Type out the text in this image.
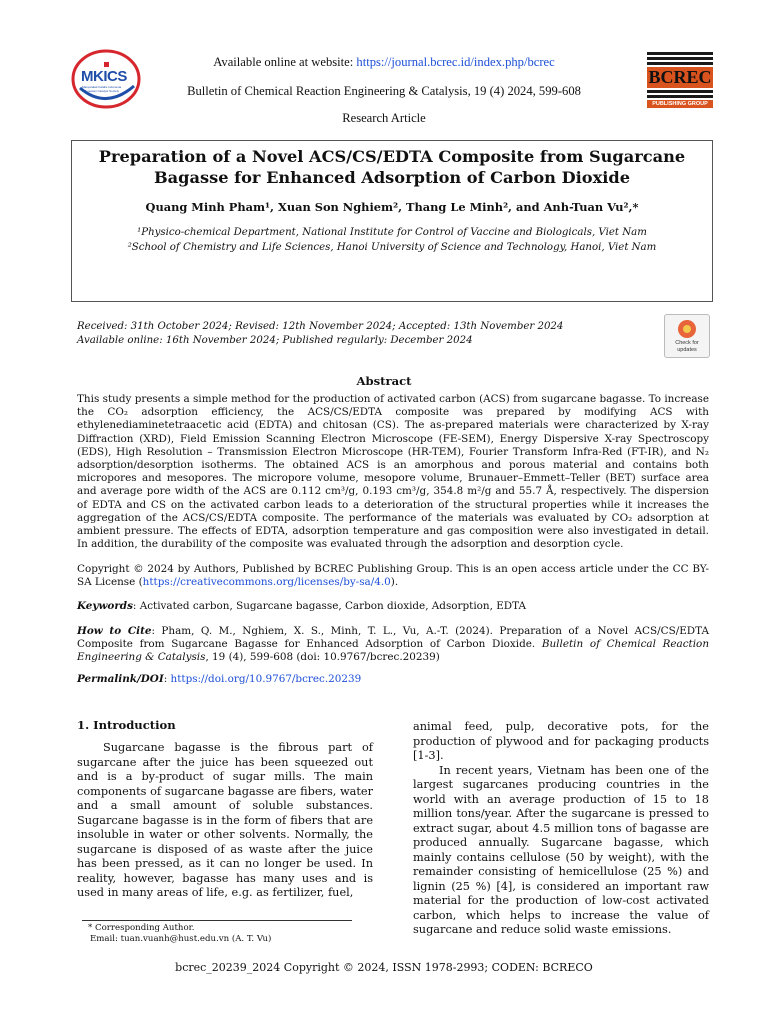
MKICS
Masyarakat Katalis Indonesia Indonesian Catalyst Society
BCREC
PUBLISHING GROUP
Available online at website: https://journal.bcrec.id/index.php/bcrec
Bulletin of Chemical Reaction Engineering & Catalysis, 19 (4) 2024, 599-608
Research Article
Preparation of a Novel ACS/CS/EDTA Composite from Sugarcane
Bagasse for Enhanced Adsorption of Carbon Dioxide
Quang Minh Pham¹, Xuan Son Nghiem², Thang Le Minh², and Anh-Tuan Vu²,*
¹Physico-chemical Department, National Institute for Control of Vaccine and Biologicals, Viet Nam
²School of Chemistry and Life Sciences, Hanoi University of Science and Technology, Hanoi, Viet Nam
Received: 31th October 2024; Revised: 12th November 2024; Accepted: 13th November 2024
Available online: 16th November 2024; Published regularly: December 2024	Check for updates
Abstract
This study presents a simple method for the production of activated carbon (ACS) from sugarcane bagasse. To increase the CO₂ adsorption efficiency, the ACS/CS/EDTA composite was prepared by modifying ACS with ethylenediaminetetraacetic acid (EDTA) and chitosan (CS). The as-prepared materials were characterized by X-ray Diffraction (XRD), Field Emission Scanning Electron Microscope (FE-SEM), Energy Dispersive X-ray Spectroscopy (EDS), High Resolution – Transmission Electron Microscope (HR-TEM), Fourier Transform Infra-Red (FT-IR), and N₂ adsorption/desorption isotherms. The obtained ACS is an amorphous and porous material and contains both micropores and mesopores. The micropore volume, mesopore volume, Brunauer–Emmett–Teller (BET) surface area and average pore width of the ACS are 0.112 cm³/g, 0.193 cm³/g, 354.8 m²/g and 55.7 Å, respectively. The dispersion of EDTA and CS on the activated carbon leads to a deterioration of the structural properties while it increases the aggregation of the ACS/CS/EDTA composite. The performance of the materials was evaluated by CO₂ adsorption at ambient pressure. The effects of EDTA, adsorption temperature and gas composition were also investigated in detail. In addition, the durability of the composite was evaluated through the adsorption and desorption cycle.
Copyright © 2024 by Authors, Published by BCREC Publishing Group. This is an open access article under the CC BY-SA License (https://creativecommons.org/licenses/by-sa/4.0).
Keywords: Activated carbon, Sugarcane bagasse, Carbon dioxide, Adsorption, EDTA
How to Cite: Pham, Q. M., Nghiem, X. S., Minh, T. L., Vu, A.-T. (2024). Preparation of a Novel ACS/CS/EDTA Composite from Sugarcane Bagasse for Enhanced Adsorption of Carbon Dioxide. Bulletin of Chemical Reaction Engineering & Catalysis, 19 (4), 599-608 (doi: 10.9767/bcrec.20239)
Permalink/DOI: https://doi.org/10.9767/bcrec.20239
1. Introduction
Sugarcane bagasse is the fibrous part of sugarcane after the juice has been squeezed out and is a by-product of sugar mills. The main components of sugarcane bagasse are fibers, water and a small amount of soluble substances. Sugarcane bagasse is in the form of fibers that are insoluble in water or other solvents. Normally, the sugarcane is disposed of as waste after the juice has been pressed, as it can no longer be used. In reality, however, bagasse has many uses and is used in many areas of life, e.g. as fertilizer, fuel,
animal feed, pulp, decorative pots, for the production of plywood and for packaging products [1-3].
In recent years, Vietnam has been one of the largest sugarcanes producing countries in the world with an average production of 15 to 18 million tons/year. After the sugarcane is pressed to extract sugar, about 4.5 million tons of bagasse are produced annually. Sugarcane bagasse, which mainly contains cellulose (50 by weight), with the remainder consisting of hemicellulose (25 %) and lignin (25 %) [4], is considered an important raw material for the production of low-cost activated carbon, which helps to increase the value of sugarcane and reduce solid waste emissions.
* Corresponding Author.
Email: tuan.vuanh@hust.edu.vn (A. T. Vu)
bcrec_20239_2024 Copyright © 2024, ISSN 1978-2993; CODEN: BCRECO
